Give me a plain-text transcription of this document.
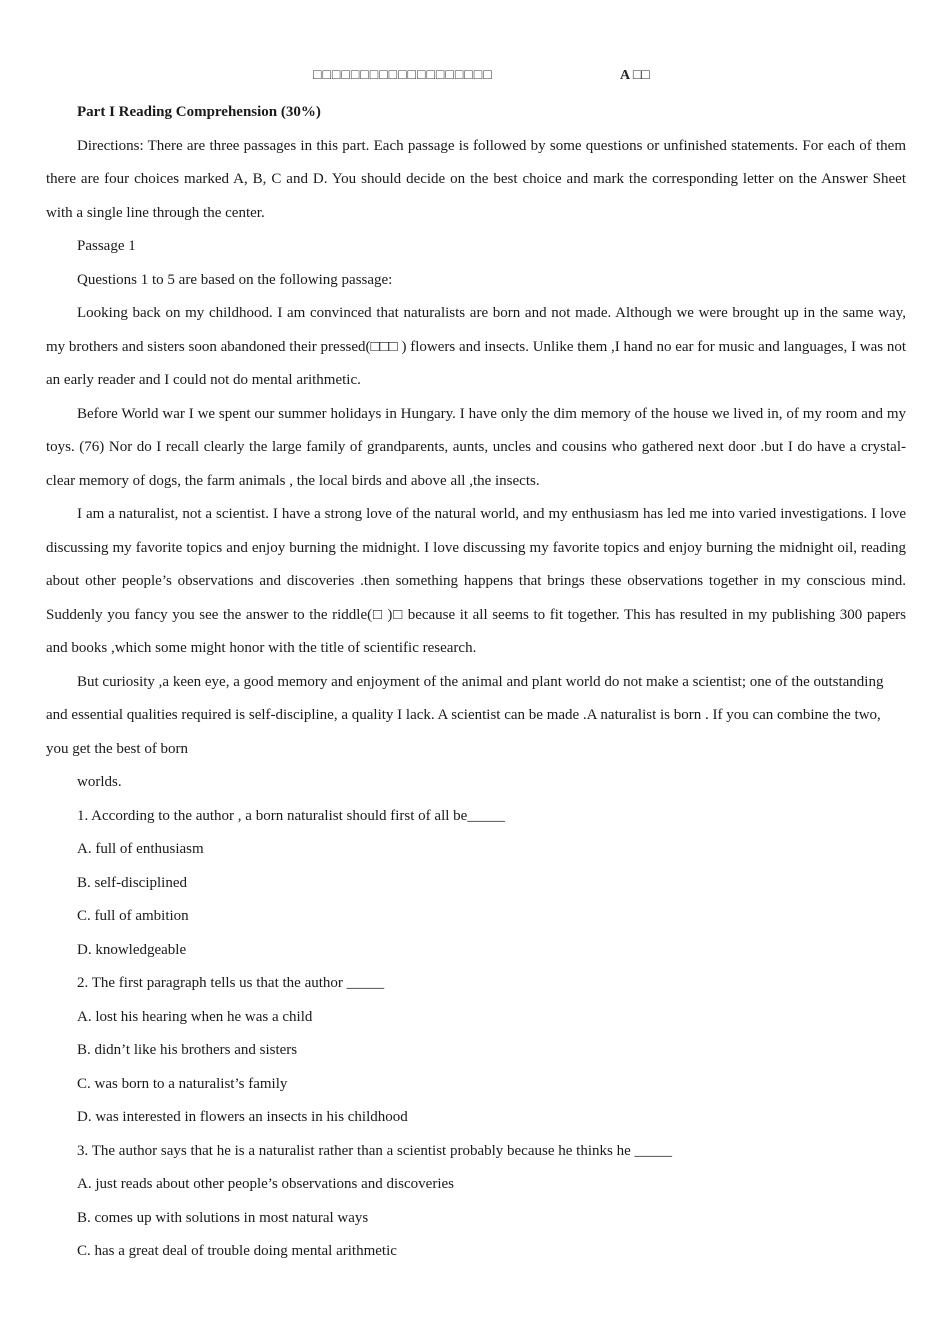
□□□□□□□□□□□□□□□□□□□	A □□
Part I Reading Comprehension (30%)

Directions: There are three passages in this part. Each passage is followed by some questions or unfinished statements. For each of them there are four choices marked A, B, C and D. You should decide on the best choice and mark the corresponding letter on the Answer Sheet with a single line through the center.

Passage 1
Questions 1 to 5 are based on the following passage:

Looking back on my childhood. I am convinced that naturalists are born and not made. Although we were brought up in the same way, my brothers and sisters soon abandoned their pressed(□□□ ) flowers and insects. Unlike them ,I hand no ear for music and languages, I was not an early reader and I could not do mental arithmetic.

Before World war I we spent our summer holidays in Hungary. I have only the dim memory of the house we lived in, of my room and my toys. (76) Nor do I recall clearly the large family of grandparents, aunts, uncles and cousins who gathered next door .but I do have a crystal-clear memory of dogs, the farm animals , the local birds and above all ,the insects.

I am a naturalist, not a scientist. I have a strong love of the natural world, and my enthusiasm has led me into varied investigations. I love discussing my favorite topics and enjoy burning the midnight. I love discussing my favorite topics and enjoy burning the midnight oil, reading about other people’s observations and discoveries .then something happens that brings these observations together in my conscious mind. Suddenly you fancy you see the answer to the riddle(□ )□ because it all seems to fit together. This has resulted in my publishing 300 papers and books ,which some might honor with the title of scientific research.

But curiosity ,a keen eye, a good memory and enjoyment of the animal and plant world do not make a scientist; one of the outstanding and essential qualities required is self-discipline, a quality I lack. A scientist can be made .A naturalist is born . If you can combine the two, you get the best of born

worlds.
1. According to the author , a born naturalist should first of all be_____
A. full of enthusiasm
B. self-disciplined
C. full of ambition
D. knowledgeable
2. The first paragraph tells us that the author _____
A. lost his hearing when he was a child
B. didn’t like his brothers and sisters
C. was born to a naturalist’s family
D. was interested in flowers an insects in his childhood
3. The author says that he is a naturalist rather than a scientist probably because he thinks he _____
A. just reads about other people’s observations and discoveries
B. comes up with solutions in most natural ways
C. has a great deal of trouble doing mental arithmetic
